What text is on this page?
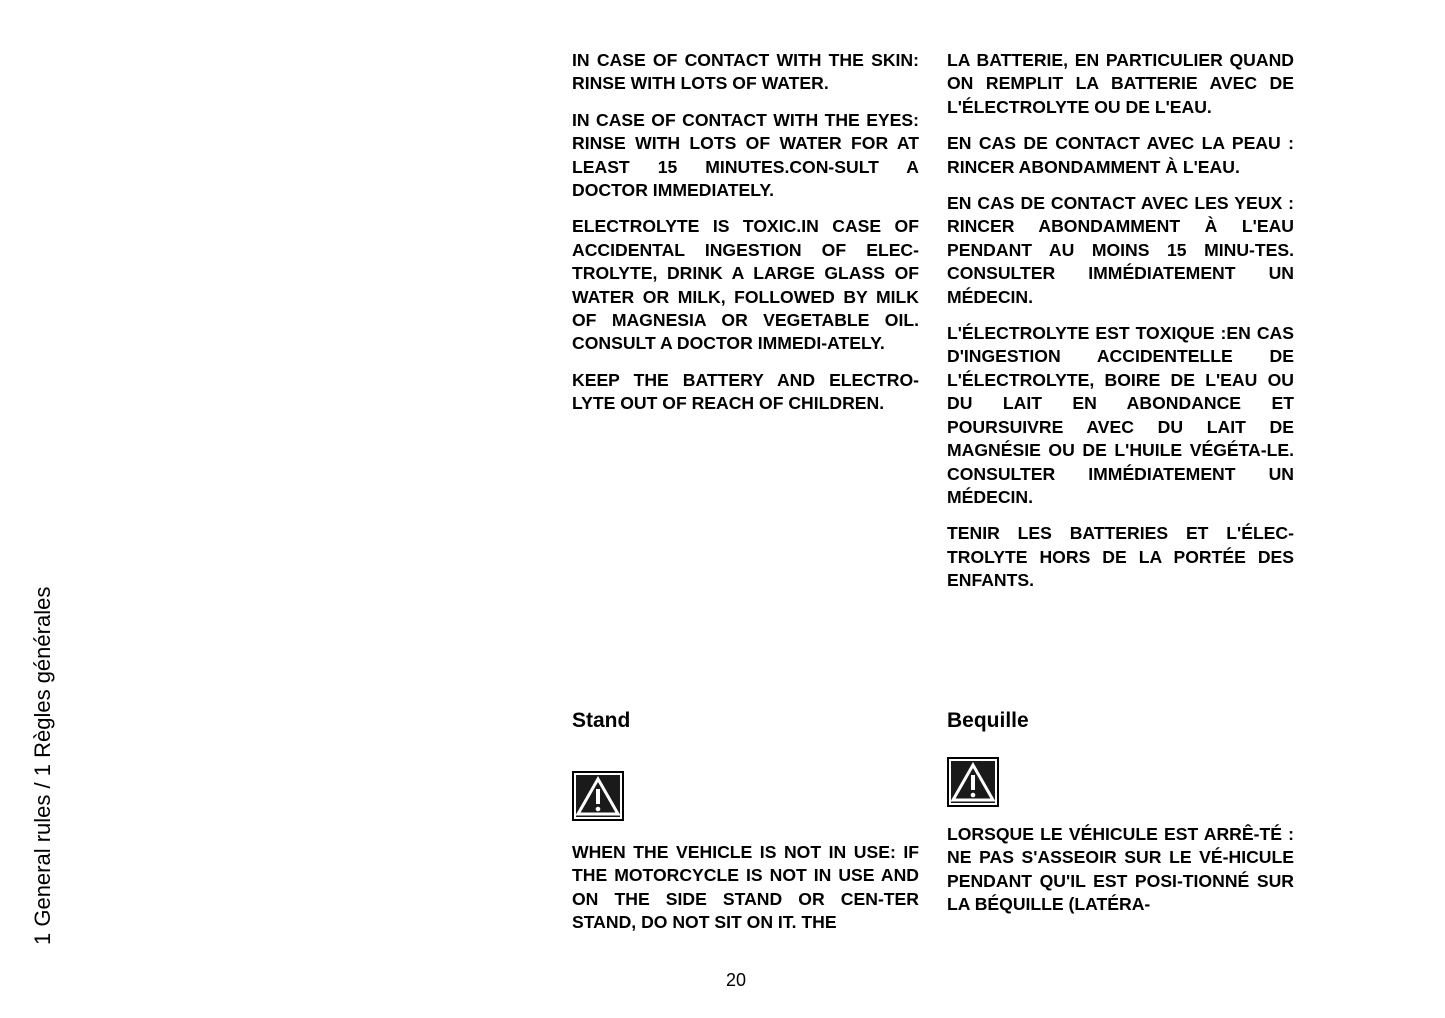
1 General rules / 1 Règles générales

IN CASE OF CONTACT WITH THE SKIN: RINSE WITH LOTS OF WATER.

IN CASE OF CONTACT WITH THE EYES: RINSE WITH LOTS OF WATER FOR AT LEAST 15 MINUTES.CON-SULT A DOCTOR IMMEDIATELY.

ELECTROLYTE IS TOXIC.IN CASE OF ACCIDENTAL INGESTION OF ELEC-TROLYTE, DRINK A LARGE GLASS OF WATER OR MILK, FOLLOWED BY MILK OF MAGNESIA OR VEGETABLE OIL. CONSULT A DOCTOR IMMEDI-ATELY.

KEEP THE BATTERY AND ELECTRO-LYTE OUT OF REACH OF CHILDREN.

LA BATTERIE, EN PARTICULIER QUAND ON REMPLIT LA BATTERIE AVEC DE L'ÉLECTROLYTE OU DE L'EAU.

EN CAS DE CONTACT AVEC LA PEAU : RINCER ABONDAMMENT À L'EAU.

EN CAS DE CONTACT AVEC LES YEUX : RINCER ABONDAMMENT À L'EAU PENDANT AU MOINS 15 MINU-TES. CONSULTER IMMÉDIATEMENT UN MÉDECIN.

L'ÉLECTROLYTE EST TOXIQUE :EN CAS D'INGESTION ACCIDENTELLE DE L'ÉLECTROLYTE, BOIRE DE L'EAU OU DU LAIT EN ABONDANCE ET POURSUIVRE AVEC DU LAIT DE MAGNÉSIE OU DE L'HUILE VÉGÉTA-LE. CONSULTER IMMÉDIATEMENT UN MÉDECIN.

TENIR LES BATTERIES ET L'ÉLEC-TROLYTE HORS DE LA PORTÉE DES ENFANTS.

Stand

WHEN THE VEHICLE IS NOT IN USE: IF THE MOTORCYCLE IS NOT IN USE AND ON THE SIDE STAND OR CEN-TER STAND, DO NOT SIT ON IT. THE

Bequille

LORSQUE LE VÉHICULE EST ARRÊ-TÉ : NE PAS S'ASSEOIR SUR LE VÉ-HICULE PENDANT QU'IL EST POSI-TIONNÉ SUR LA BÉQUILLE (LATÉRA-

20
